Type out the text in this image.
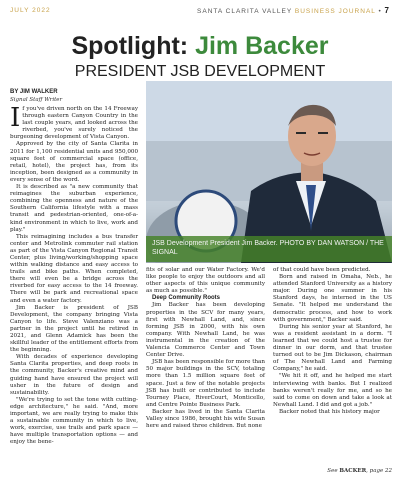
JULY 2022	SANTA CLARITA VALLEY BUSINESS JOURNAL • 7
Spotlight: Jim Backer
PRESIDENT JSB DEVELOPMENT
BY JIM WALKER
Signal Staff Writer

If you've driven north on the 14 Freeway through eastern Canyon Country in the last couple years, and looked across the riverbed, you've surely noticed the burgeoning development of Vista Canyon.

Approved by the city of Santa Clarita in 2011 for 1,100 residential units and 950,000 square feet of commercial space (office, retail, hotel), the project has, from its inception, been designed as a community in every sense of the word.

It is described as "a new community that reimagines the suburban experience, combining the openness and nature of the Southern California lifestyle with a mass transit and pedestrian-oriented, one-of-a-kind environment in which to live, work and play."

This reimagining includes a bus transfer center and Metrolink commuter rail station as part of the Vista Canyon Regional Transit Center, plus living/working/shopping space within walking distance and easy access to trails and bike paths. When completed, there will even be a bridge across the riverbed for easy access to the 14 freeway. There will be park and recreational space and even a water factory.

Jim Backer is president of JSB Development, the company bringing Vista Canyon to life. Steve Valenziano was a partner in the project until he retired in 2021, and Glenn Adamick has been the skillful leader of the entitlement efforts from the beginning.

With decades of experience developing Santa Clarita properties, and deep roots in the community, Backer's creative mind and guiding hand have ensured the project will usher in the future of design and sustainability.

"We're trying to set the tone with cutting-edge architecture," he said. "And, more important, we are really trying to make this a sustainable community in which to live, work, exercise, use trails and park space — have multiple transportation options — and enjoy the bene-

JSB Development President Jim Backer. PHOTO BY DAN WATSON / THE SIGNAL

fits of solar and our Water Factory. We'd like people to enjoy the outdoors and all other aspects of this unique community as much as possible."

Deep Community Roots

Jim Backer has been developing properties in the SCV for many years, first with Newhall Land, and, since forming JSB in 2000, with his own company. With Newhall Land, he was instrumental in the creation of the Valencia Commerce Center and Town Center Drive.

JSB has been responsible for more than 50 major buildings in the SCV, totaling more than 1.5 million square feet of space. Just a few of the notable projects JSB has built or contributed to include Tourney Place, RiverCourt, Monticello, and Centre Pointe Business Park.

Backer has lived in the Santa Clarita Valley since 1986, brought his wife Susan here and raised three children. But none

of that could have been predicted.

Born and raised in Omaha, Neb., he attended Stanford University as a history major. During one summer in his Stanford days, he interned in the US Senate. "It helped me understand the democratic process, and how to work with government," Backer said.

During his senior year at Stanford, he was a resident assistant in a dorm. "I learned that we could host a trustee for dinner in our dorm, and that trustee turned out to be Jim Dickason, chairman of The Newhall Land and Farming Company," he said.

"We hit it off, and he helped me start interviewing with banks. But I realized banks weren't really for me, and so he said to come on down and take a look at Newhall Land. I did and got a job."

Backer noted that his history major

See BACKER, page 22
